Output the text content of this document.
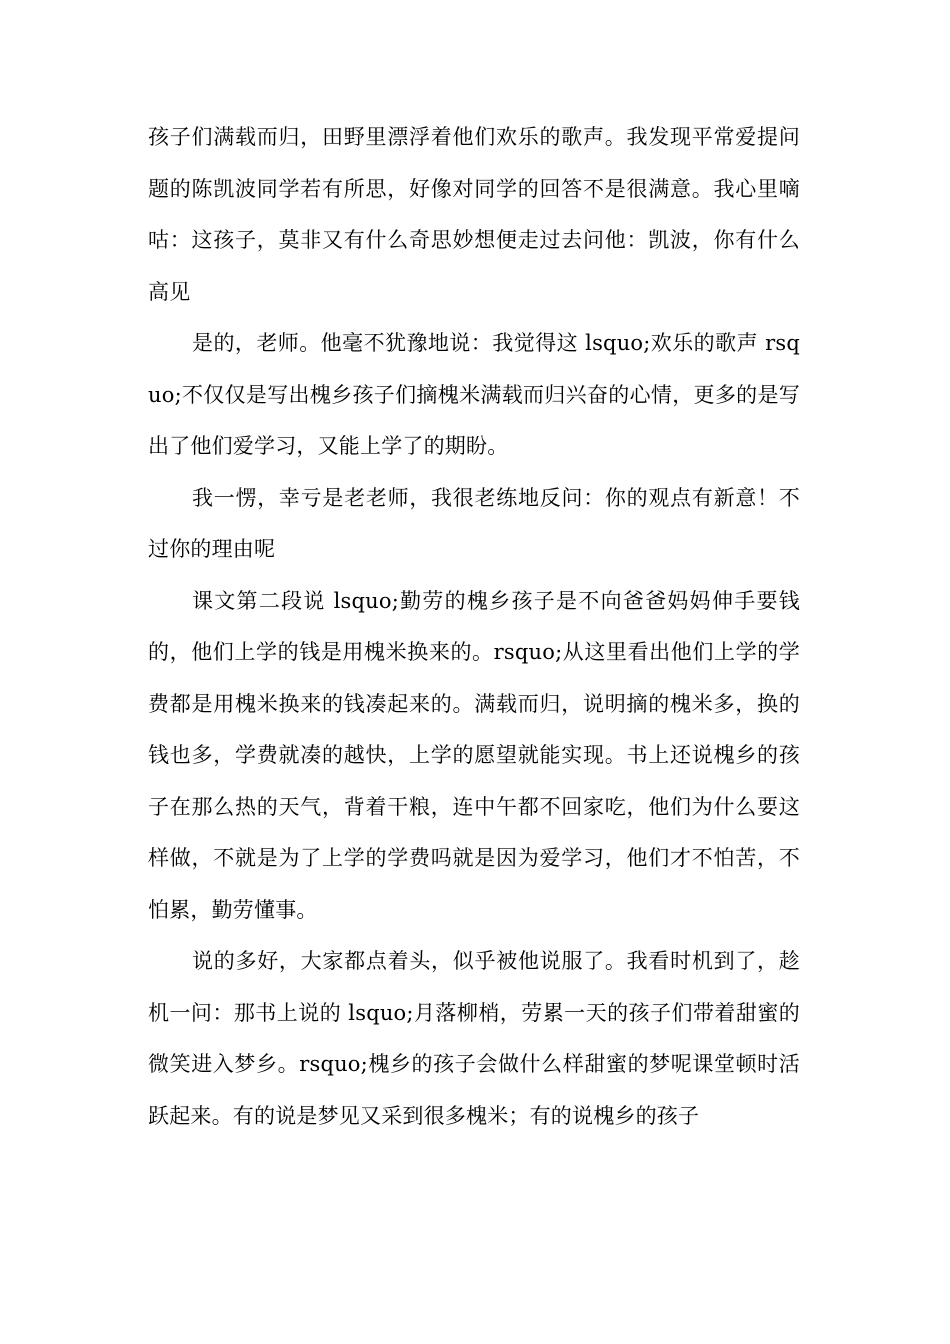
孩子们满载而归，田野里漂浮着他们欢乐的歌声。我发现平常爱提问题的陈凯波同学若有所思，好像对同学的回答不是很满意。我心里嘀咕：这孩子，莫非又有什么奇思妙想便走过去问他：凯波，你有什么高见

是的，老师。他毫不犹豫地说：我觉得这 lsquo;欢乐的歌声 rsquo;不仅仅是写出槐乡孩子们摘槐米满载而归兴奋的心情，更多的是写出了他们爱学习，又能上学了的期盼。

我一愣，幸亏是老老师，我很老练地反问：你的观点有新意！不过你的理由呢

课文第二段说 lsquo;勤劳的槐乡孩子是不向爸爸妈妈伸手要钱的，他们上学的钱是用槐米换来的。rsquo;从这里看出他们上学的学费都是用槐米换来的钱凑起来的。满载而归，说明摘的槐米多，换的钱也多，学费就凑的越快，上学的愿望就能实现。书上还说槐乡的孩子在那么热的天气，背着干粮，连中午都不回家吃，他们为什么要这样做，不就是为了上学的学费吗就是因为爱学习，他们才不怕苦，不怕累，勤劳懂事。

说的多好，大家都点着头，似乎被他说服了。我看时机到了，趁机一问：那书上说的 lsquo;月落柳梢，劳累一天的孩子们带着甜蜜的微笑进入梦乡。rsquo;槐乡的孩子会做什么样甜蜜的梦呢课堂顿时活跃起来。有的说是梦见又采到很多槐米；有的说槐乡的孩子
